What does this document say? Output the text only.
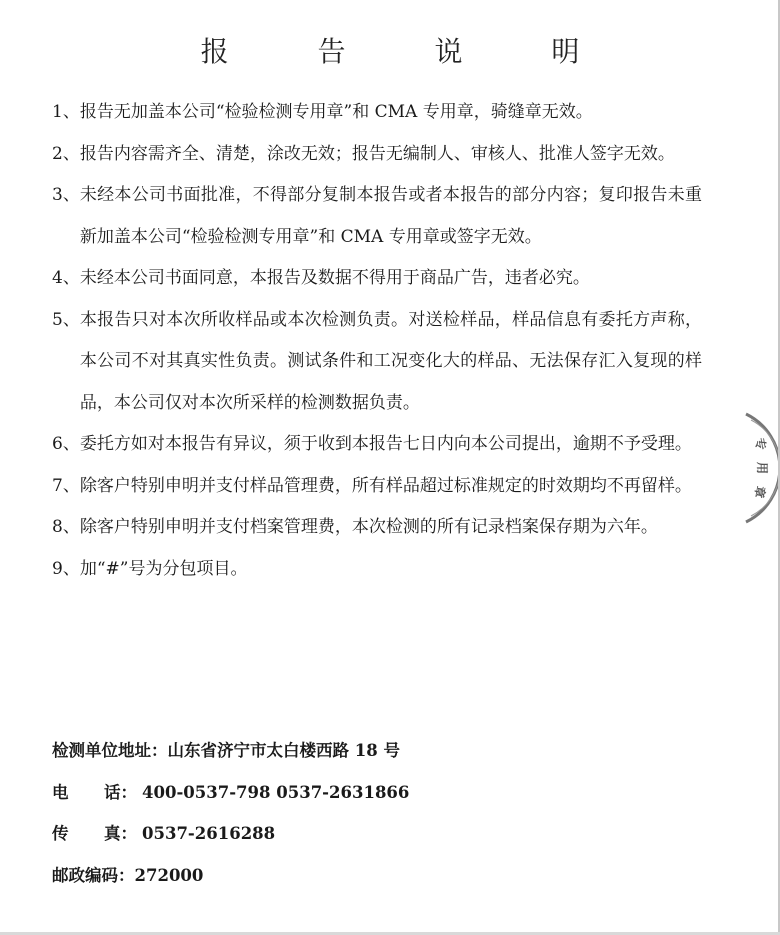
报 告 说 明
1、 报告无加盖本公司“检验检测专用章”和 CMA 专用章，骑缝章无效。
2、 报告内容需齐全、清楚，涂改无效；报告无编制人、审核人、批准人签字无效。
3、 未经本公司书面批准，不得部分复制本报告或者本报告的部分内容；复印报告未重新加盖本公司“检验检测专用章”和 CMA 专用章或签字无效。
4、 未经本公司书面同意，本报告及数据不得用于商品广告，违者必究。
5、 本报告只对本次所收样品或本次检测负责。对送检样品，样品信息有委托方声称，本公司不对其真实性负责。测试条件和工况变化大的样品、无法保存汇入复现的样品，本公司仅对本次所采样的检测数据负责。
6、 委托方如对本报告有异议，须于收到本报告七日内向本公司提出，逾期不予受理。
7、 除客户特别申明并支付样品管理费，所有样品超过标准规定的时效期均不再留样。
8、 除客户特别申明并支付档案管理费，本次检测的所有记录档案保存期为六年。
9、 加“#”号为分包项目。
检测单位地址：山东省济宁市太白楼西路 18 号
电 话： 400-0537-798 0537-2631866
传 真： 0537-2616288
邮政编码：272000
专
用
章
